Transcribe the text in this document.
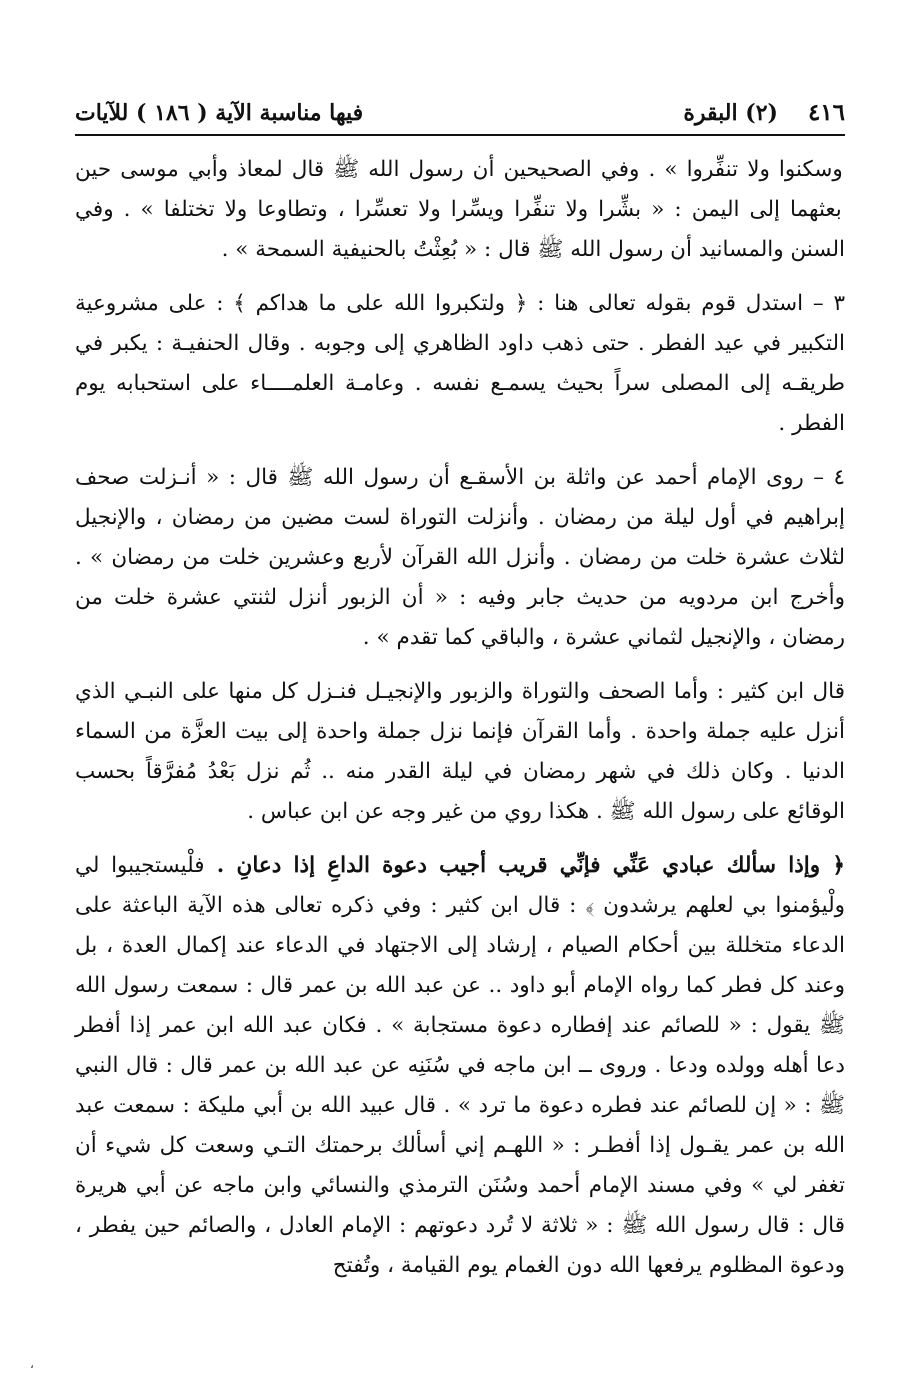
٤١٦
(٢) البقرة
فيها مناسبة الآية ( ١٨٦ ) للآيات

وسكنوا ولا تنفِّروا » . وفي الصحيحين أن رسول الله ﷺ قال لمعاذ وأبي موسى حين بعثهما إلى اليمن : « بشِّرا ولا تنفِّرا ويسِّرا ولا تعسِّرا ، وتطاوعا ولا تختلفا » . وفي السنن والمسانيد أن رسول الله ﷺ قال : « بُعِثْتُ بالحنيفية السمحة » .

٣ – استدل قوم بقوله تعالى هنا : ﴿ ولتكبروا الله على ما هداكم ﴾ : على مشروعية التكبير في عيد الفطر . حتى ذهب داود الظاهري إلى وجوبه . وقال الحنفيـة : يكبر في طريقـه إلى المصلى سراً بحيث يسمـع نفسه . وعامـة العلمــــاء على استحبابه يوم الفطر .

٤ – روى الإمام أحمد عن واثلة بن الأسقـع أن رسول الله ﷺ قال : « أنـزلت صحف إبراهيم في أول ليلة من رمضان . وأنزلت التوراة لست مضين من رمضان ، والإنجيل لثلاث عشرة خلت من رمضان . وأنزل الله القرآن لأربع وعشرين خلت من رمضان » . وأخرج ابن مردويه من حديث جابر وفيه : « أن الزبور أنزل لثنتي عشرة خلت من رمضان ، والإنجيل لثماني عشرة ، والباقي كما تقدم » .

قال ابن كثير : وأما الصحف والتوراة والزبور والإنجيـل فنـزل كل منها على النبـي الذي أنزل عليه جملة واحدة . وأما القرآن فإنما نزل جملة واحدة إلى بيت العزَّة من السماء الدنيا . وكان ذلك في شهر رمضان في ليلة القدر منه .. ثُم نزل بَعْدُ مُفرَّقاً بحسب الوقائع على رسول الله ﷺ . هكذا روي من غير وجه عن ابن عباس .

﴿ وإذا سألك عبادي عَنِّي فإنِّي قريب أجيب دعوة الداعِ إذا دعانِ . فلْيستجيبوا لي ولْيؤمنوا بي لعلهم يرشدون ﴾ : قال ابن كثير : وفي ذكره تعالى هذه الآية الباعثة على الدعاء متخللة بين أحكام الصيام ، إرشاد إلى الاجتهاد في الدعاء عند إكمال العدة ، بل وعند كل فطر كما رواه الإمام أبو داود .. عن عبد الله بن عمر قال : سمعت رسول الله ﷺ يقول : « للصائم عند إفطاره دعوة مستجابة » . فكان عبد الله ابن عمر إذا أفطر دعا أهله وولده ودعا . وروى ــ ابن ماجه في سُنَنِه عن عبد الله بن عمر قال : قال النبي ﷺ : « إن للصائم عند فطره دعوة ما ترد » . قال عبيد الله بن أبي مليكة : سمعت عبد الله بن عمر يقـول إذا أفطـر : « اللهـم إني أسألك برحمتك التـي وسعت كل شيء أن تغفر لي » وفي مسند الإمام أحمد وسُنَن الترمذي والنسائي وابن ماجه عن أبي هريرة قال : قال رسول الله ﷺ : « ثلاثة لا تُرد دعوتهم : الإمام العادل ، والصائم حين يفطر ، ودعوة المظلوم يرفعها الله دون الغمام يوم القيامة ، وتُفتح

،
